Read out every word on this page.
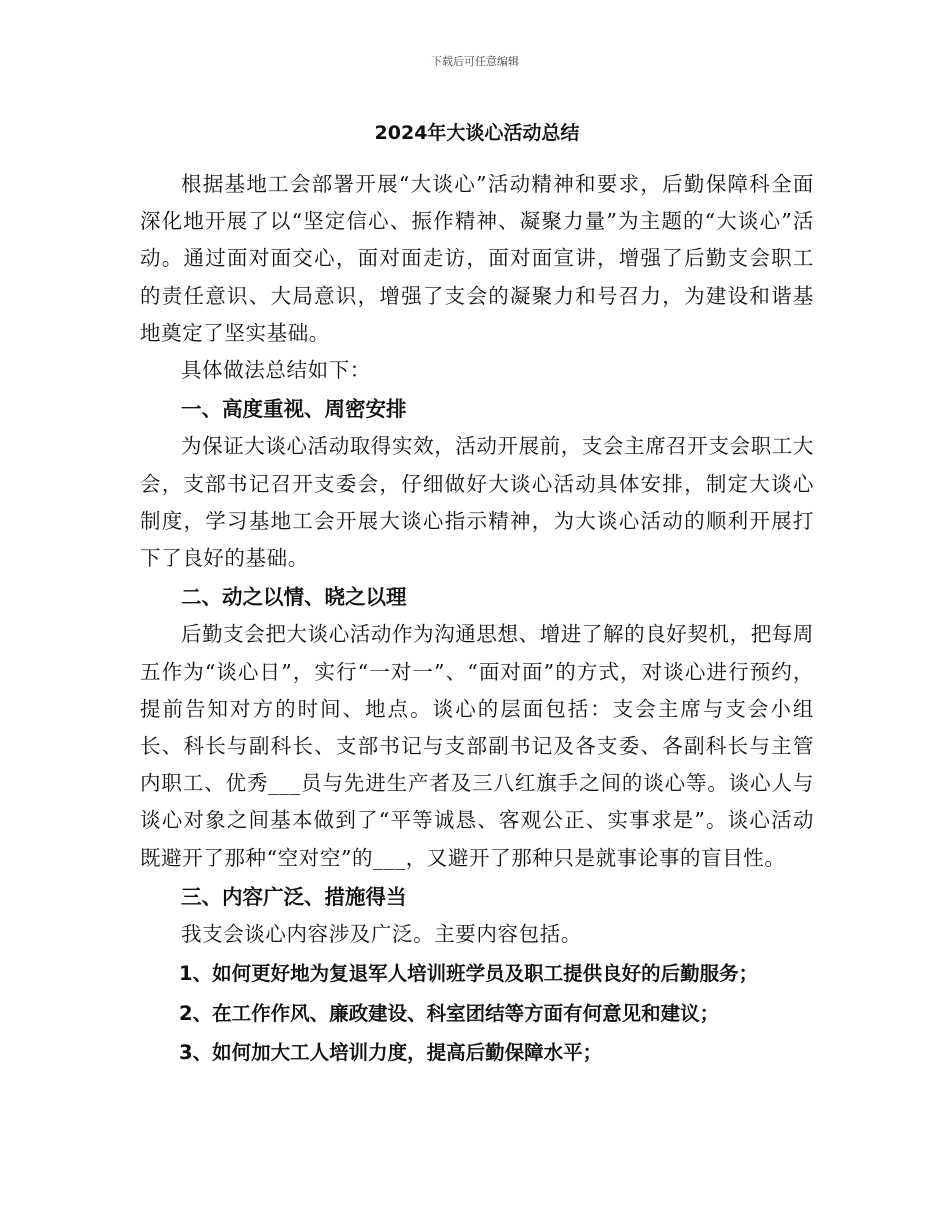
下载后可任意编辑
2024年大谈心活动总结

根据基地工会部署开展“大谈心”活动精神和要求，后勤保障科全面深化地开展了以“坚定信心、振作精神、凝聚力量”为主题的“大谈心”活动。通过面对面交心，面对面走访，面对面宣讲，增强了后勤支会职工的责任意识、大局意识，增强了支会的凝聚力和号召力，为建设和谐基地奠定了坚实基础。

具体做法总结如下：

一、高度重视、周密安排

为保证大谈心活动取得实效，活动开展前，支会主席召开支会职工大会，支部书记召开支委会，仔细做好大谈心活动具体安排，制定大谈心制度，学习基地工会开展大谈心指示精神，为大谈心活动的顺利开展打下了良好的基础。

二、动之以情、晓之以理

后勤支会把大谈心活动作为沟通思想、增进了解的良好契机，把每周五作为“谈心日”，实行“一对一”、“面对面”的方式，对谈心进行预约，提前告知对方的时间、地点。谈心的层面包括：支会主席与支会小组长、科长与副科长、支部书记与支部副书记及各支委、各副科长与主管内职工、优秀___员与先进生产者及三八红旗手之间的谈心等。谈心人与谈心对象之间基本做到了“平等诚恳、客观公正、实事求是”。谈心活动既避开了那种“空对空”的___，又避开了那种只是就事论事的盲目性。

三、内容广泛、措施得当

我支会谈心内容涉及广泛。主要内容包括。

1、如何更好地为复退军人培训班学员及职工提供良好的后勤服务；

2、在工作作风、廉政建设、科室团结等方面有何意见和建议；

3、如何加大工人培训力度，提高后勤保障水平；
